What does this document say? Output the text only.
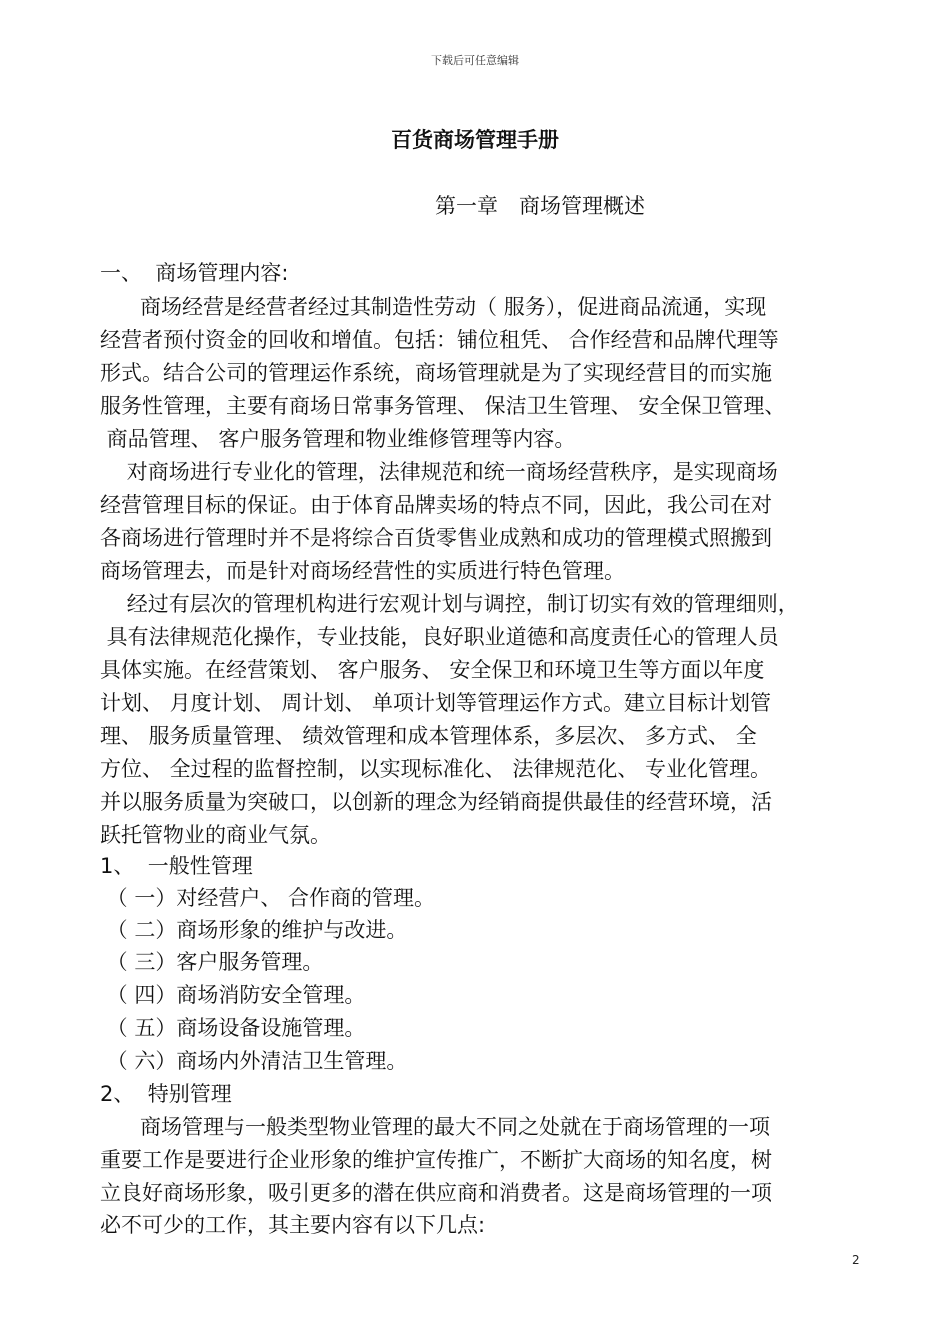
下载后可任意编辑
百货商场管理手册
第一章　商场管理概述
一、  商场管理内容:
商场经营是经营者经过其制造性劳动（ 服务），促进商品流通，实现
经营者预付资金的回收和增值。包括：铺位租凭、 合作经营和品牌代理等
形式。结合公司的管理运作系统，商场管理就是为了实现经营目的而实施
服务性管理，主要有商场日常事务管理、 保洁卫生管理、 安全保卫管理、
商品管理、 客户服务管理和物业维修管理等内容。
对商场进行专业化的管理，法律规范和统一商场经营秩序，是实现商场
经营管理目标的保证。由于体育品牌卖场的特点不同，因此，我公司在对
各商场进行管理时并不是将综合百货零售业成熟和成功的管理模式照搬到
商场管理去，而是针对商场经营性的实质进行特色管理。
经过有层次的管理机构进行宏观计划与调控，制订切实有效的管理细则，
具有法律规范化操作，专业技能，良好职业道德和高度责任心的管理人员
具体实施。在经营策划、 客户服务、 安全保卫和环境卫生等方面以年度
计划、 月度计划、 周计划、 单项计划等管理运作方式。建立目标计划管
理、 服务质量管理、 绩效管理和成本管理体系，多层次、 多方式、 全
方位、 全过程的监督控制，以实现标准化、 法律规范化、 专业化管理。
并以服务质量为突破口，以创新的理念为经销商提供最佳的经营环境，活
跃托管物业的商业气氛。
1、  一般性管理
（ 一）对经营户、 合作商的管理。
（ 二）商场形象的维护与改进。
（ 三）客户服务管理。
（ 四）商场消防安全管理。
（ 五）商场设备设施管理。
（ 六）商场内外清洁卫生管理。
2、  特别管理
商场管理与一般类型物业管理的最大不同之处就在于商场管理的一项
重要工作是要进行企业形象的维护宣传推广，不断扩大商场的知名度，树
立良好商场形象，吸引更多的潜在供应商和消费者。这是商场管理的一项
必不可少的工作，其主要内容有以下几点:
2
